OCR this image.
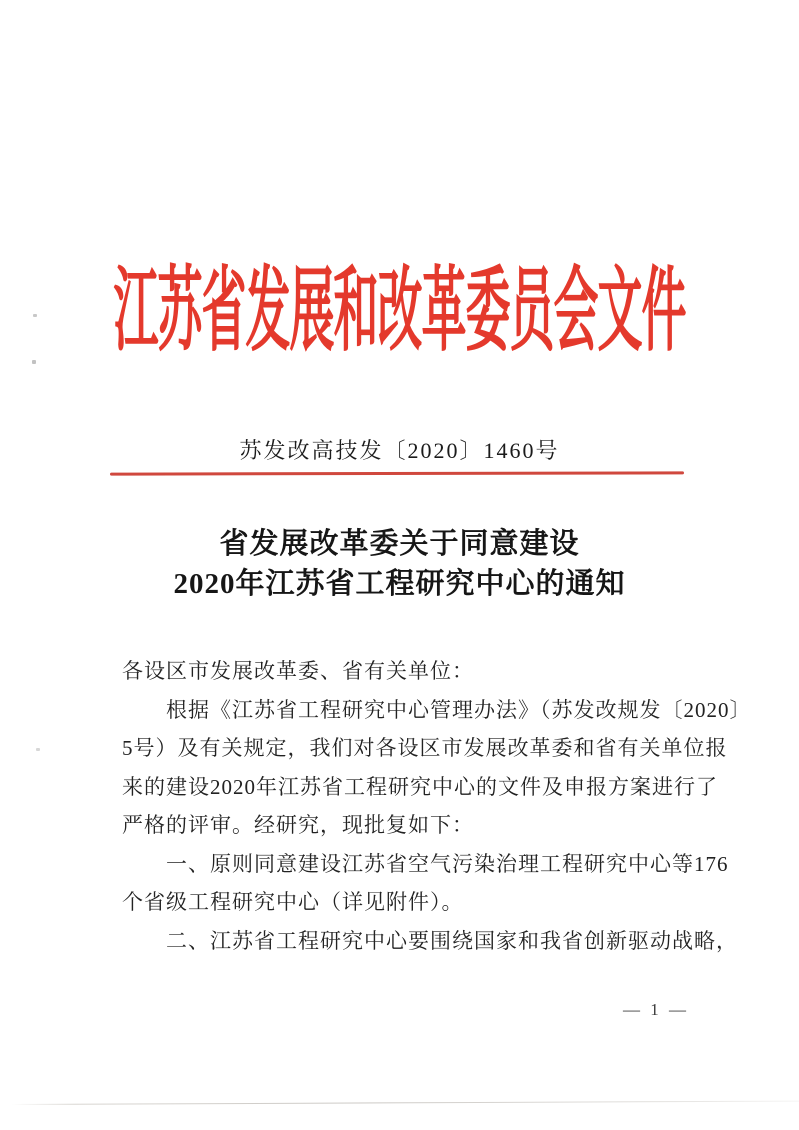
江苏省发展和改革委员会文件
苏发改高技发〔2020〕1460号
省发展改革委关于同意建设
2020年江苏省工程研究中心的通知
各设区市发展改革委、省有关单位：
　　根据《江苏省工程研究中心管理办法》（苏发改规发〔2020〕
5号）及有关规定，我们对各设区市发展改革委和省有关单位报
来的建设2020年江苏省工程研究中心的文件及申报方案进行了
严格的评审。经研究，现批复如下：
　　一、原则同意建设江苏省空气污染治理工程研究中心等176
个省级工程研究中心（详见附件）。
　　二、江苏省工程研究中心要围绕国家和我省创新驱动战略，
— 1 —
